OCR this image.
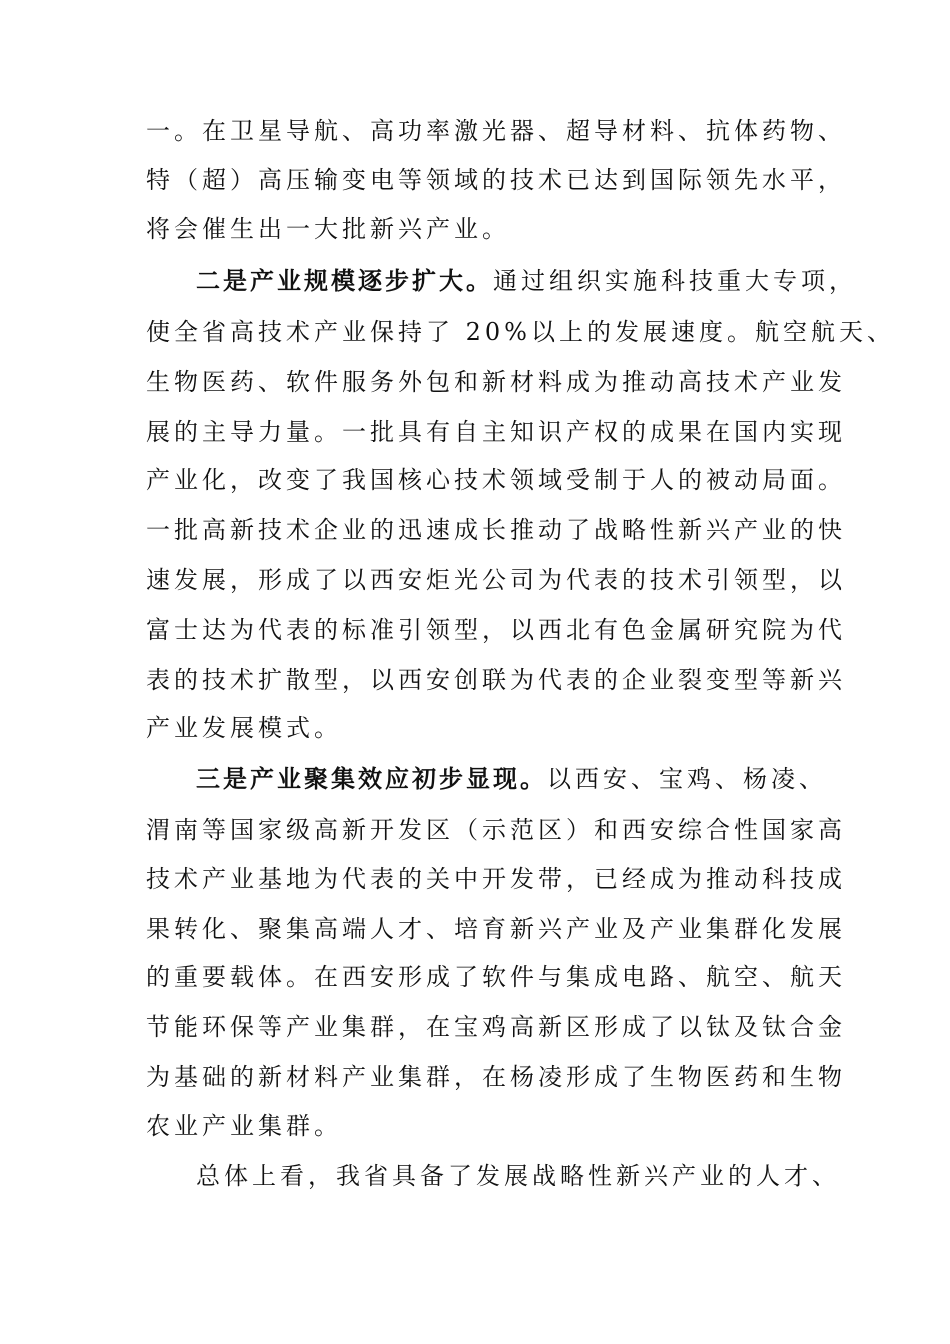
一。在卫星导航、高功率激光器、超导材料、抗体药物、
特（超）高压输变电等领域的技术已达到国际领先水平，
将会催生出一大批新兴产业。
二是产业规模逐步扩大。通过组织实施科技重大专项，
使全省高技术产业保持了 20%以上的发展速度。航空航天、
生物医药、软件服务外包和新材料成为推动高技术产业发
展的主导力量。一批具有自主知识产权的成果在国内实现
产业化，改变了我国核心技术领域受制于人的被动局面。
一批高新技术企业的迅速成长推动了战略性新兴产业的快
速发展，形成了以西安炬光公司为代表的技术引领型，以
富士达为代表的标准引领型，以西北有色金属研究院为代
表的技术扩散型，以西安创联为代表的企业裂变型等新兴
产业发展模式。
三是产业聚集效应初步显现。以西安、宝鸡、杨凌、
渭南等国家级高新开发区（示范区）和西安综合性国家高
技术产业基地为代表的关中开发带，已经成为推动科技成
果转化、聚集高端人才、培育新兴产业及产业集群化发展
的重要载体。在西安形成了软件与集成电路、航空、航天
节能环保等产业集群，在宝鸡高新区形成了以钛及钛合金
为基础的新材料产业集群，在杨凌形成了生物医药和生物
农业产业集群。
总体上看，我省具备了发展战略性新兴产业的人才、
